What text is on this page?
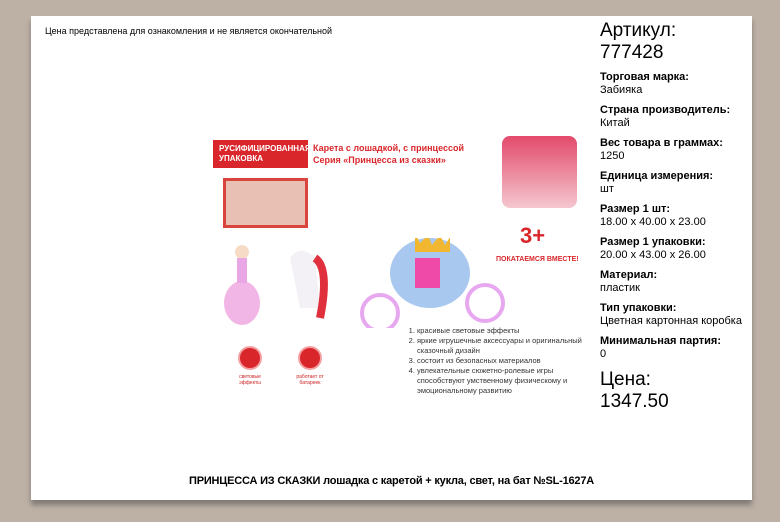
Цена представлена для ознакомления и не является окончательной
РУСИФИЦИРОВАННАЯ УПАКОВКА
Карета с лошадкой, с принцессой
Серия «Принцесса из сказки»
3+
ПОКАТАЕМСЯ ВМЕСТЕ!
1. красивые световые эффекты
2. яркие игрушечные аксессуары и оригинальный сказочный дизайн
3. состоит из безопасных материалов
4. увлекательные сюжетно-ролевые игры способствуют умственному физическому и эмоциональному развитию
световые эффекты
работает от батареек
Артикул:
777428
Торговая марка:
Забияка
Страна производитель:
Китай
Вес товара в граммах:
1250
Единица измерения:
шт
Размер 1 шт:
18.00 x 40.00 x 23.00
Размер 1 упаковки:
20.00 x 43.00 x 26.00
Материал:
пластик
Тип упаковки:
Цветная картонная коробка
Минимальная партия:
0
Цена:
1347.50
ПРИНЦЕССА ИЗ СКАЗКИ лошадка с каретой + кукла, свет, на бат №SL-1627A
